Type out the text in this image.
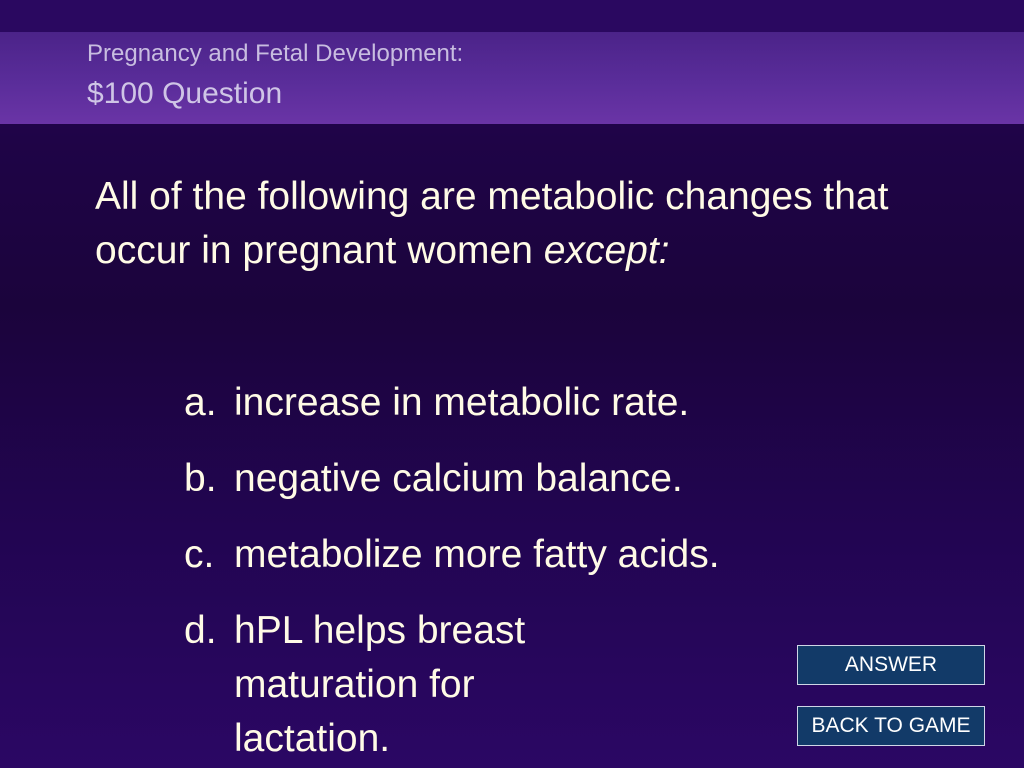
Pregnancy and Fetal Development:
$100 Question
All of the following are metabolic changes that occur in pregnant women except:
a. increase in metabolic rate.
b. negative calcium balance.
c. metabolize more fatty acids.
d. hPL helps breast maturation for lactation.
ANSWER
BACK TO GAME
